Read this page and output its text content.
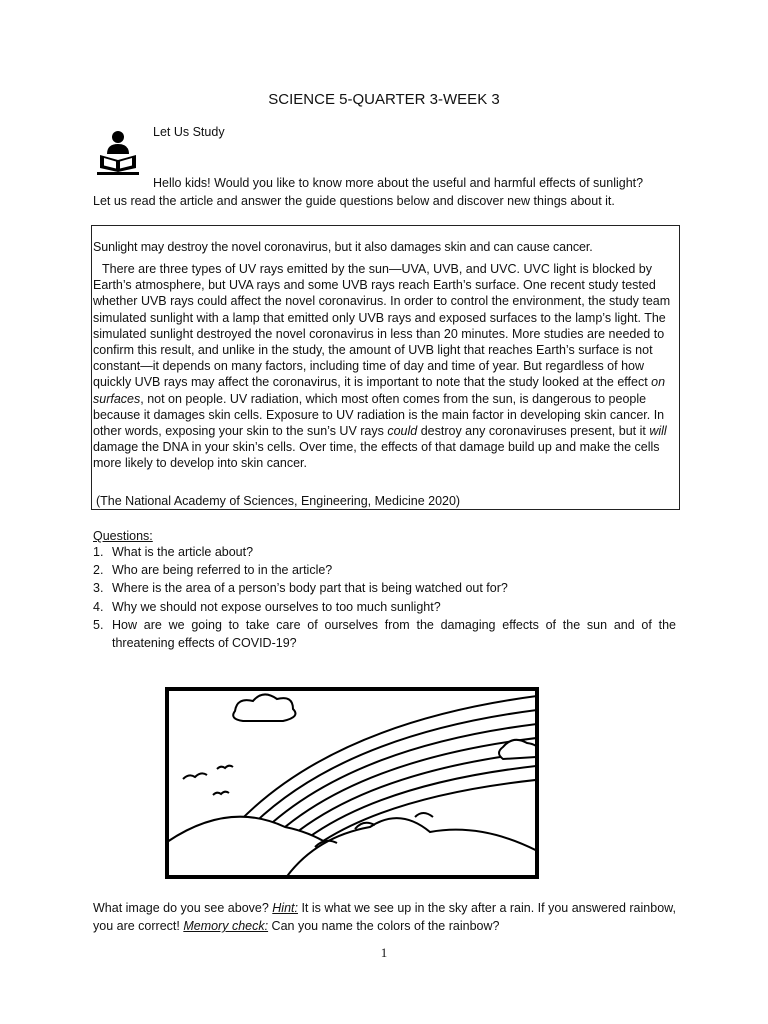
SCIENCE 5-QUARTER 3-WEEK 3
Let Us Study
Hello kids! Would you like to know more about the useful and harmful effects of sunlight?
Let us read the article and answer the guide questions below and discover new things about it.
Sunlight may destroy the novel coronavirus, but it also damages skin and can cause cancer.
There are three types of UV rays emitted by the sun—UVA, UVB, and UVC. UVC light is blocked by Earth’s atmosphere, but UVA rays and some UVB rays reach Earth’s surface. One recent study tested whether UVB rays could affect the novel coronavirus. In order to control the environment, the study team simulated sunlight with a lamp that emitted only UVB rays and exposed surfaces to the lamp’s light. The simulated sunlight destroyed the novel coronavirus in less than 20 minutes. More studies are needed to confirm this result, and unlike in the study, the amount of UVB light that reaches Earth’s surface is not constant—it depends on many factors, including time of day and time of year. But regardless of how quickly UVB rays may affect the coronavirus, it is important to note that the study looked at the effect on surfaces, not on people. UV radiation, which most often comes from the sun, is dangerous to people because it damages skin cells. Exposure to UV radiation is the main factor in developing skin cancer. In other words, exposing your skin to the sun’s UV rays could destroy any coronaviruses present, but it will damage the DNA in your skin’s cells. Over time, the effects of that damage build up and make the cells more likely to develop into skin cancer.
(The National Academy of Sciences, Engineering, Medicine 2020)
Questions:
1. What is the article about?
2. Who are being referred to in the article?
3. Where is the area of a person’s body part that is being watched out for?
4. Why we should not expose ourselves to too much sunlight?
5. How are we going to take care of ourselves from the damaging effects of the sun and of the threatening effects of COVID-19?
What image do you see above? Hint: It is what we see up in the sky after a rain. If you answered rainbow, you are correct! Memory check: Can you name the colors of the rainbow?
1
